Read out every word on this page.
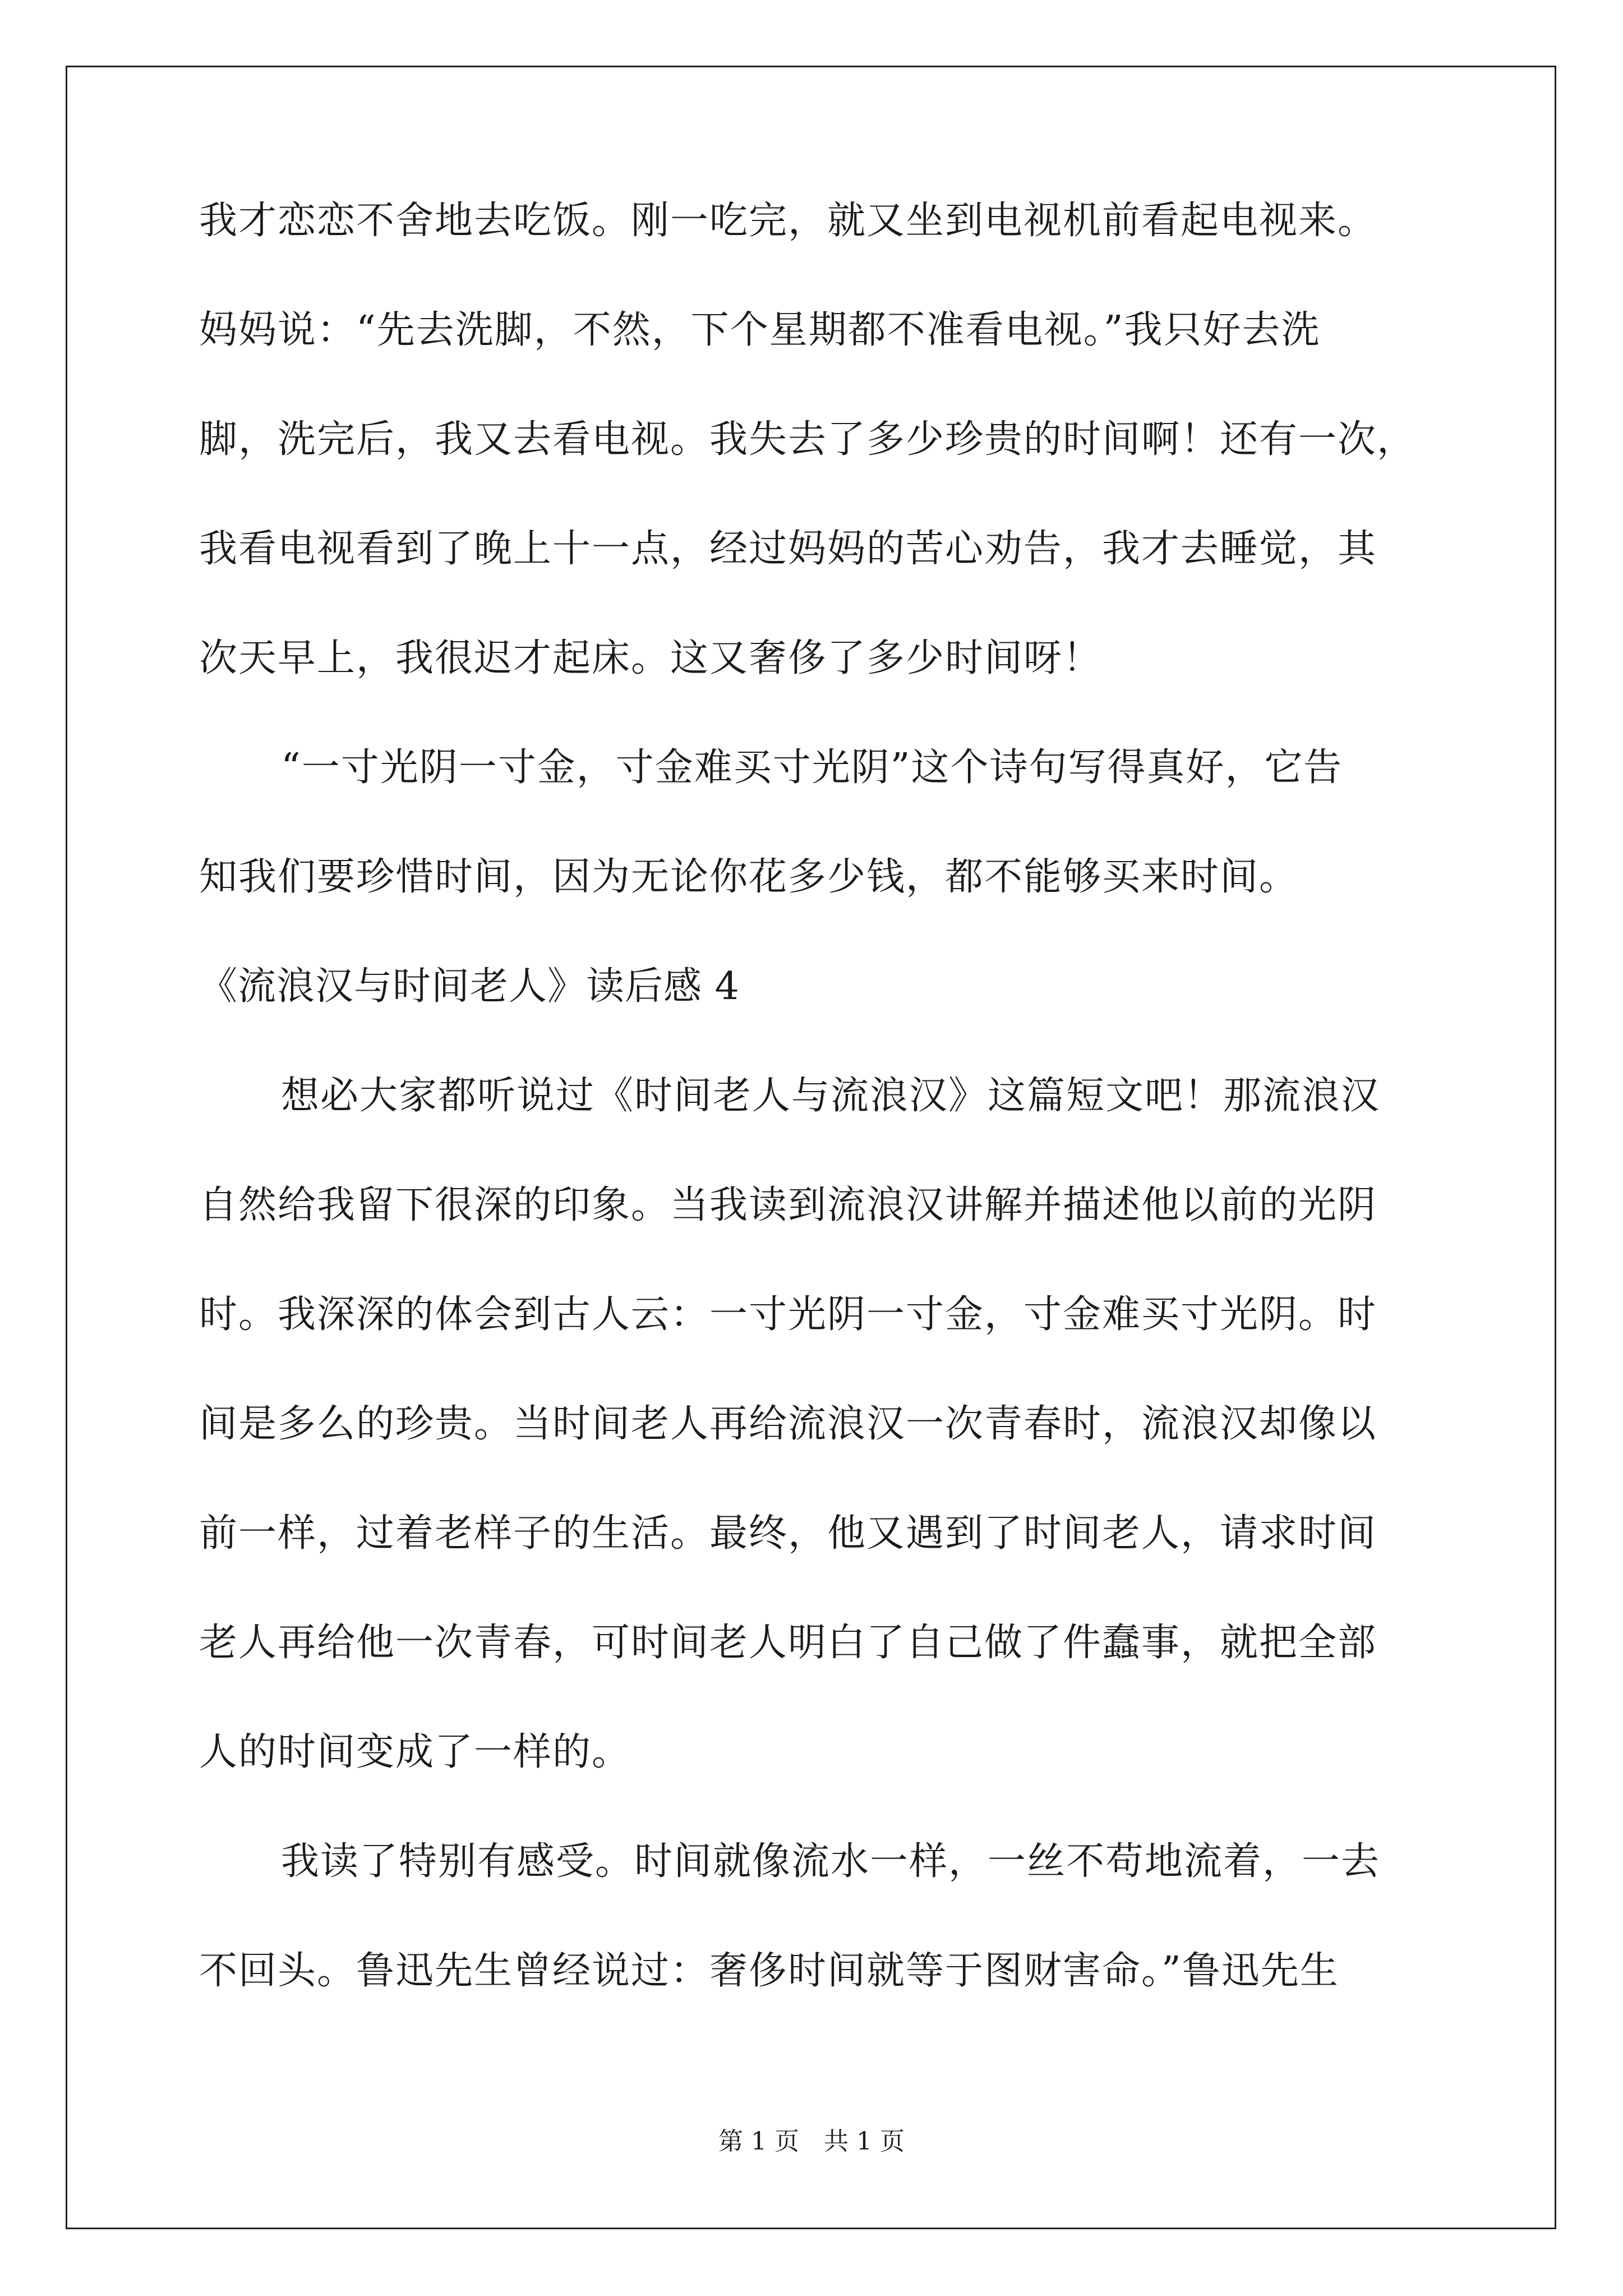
我才恋恋不舍地去吃饭。刚一吃完，就又坐到电视机前看起电视来。

妈妈说：“先去洗脚，不然，下个星期都不准看电视。”我只好去洗

脚，洗完后，我又去看电视。我失去了多少珍贵的时间啊！还有一次，

我看电视看到了晚上十一点，经过妈妈的苦心劝告，我才去睡觉，其

次天早上，我很迟才起床。这又奢侈了多少时间呀！

“一寸光阴一寸金，寸金难买寸光阴”这个诗句写得真好，它告

知我们要珍惜时间，因为无论你花多少钱，都不能够买来时间。

《流浪汉与时间老人》读后感 4

想必大家都听说过《时间老人与流浪汉》这篇短文吧！那流浪汉

自然给我留下很深的印象。当我读到流浪汉讲解并描述他以前的光阴

时。我深深的体会到古人云：一寸光阴一寸金，寸金难买寸光阴。时

间是多么的珍贵。当时间老人再给流浪汉一次青春时，流浪汉却像以

前一样，过着老样子的生活。最终，他又遇到了时间老人，请求时间

老人再给他一次青春，可时间老人明白了自己做了件蠢事，就把全部

人的时间变成了一样的。

我读了特别有感受。时间就像流水一样，一丝不苟地流着，一去

不回头。鲁迅先生曾经说过：奢侈时间就等于图财害命。”鲁迅先生

第 1 页　共 1 页
